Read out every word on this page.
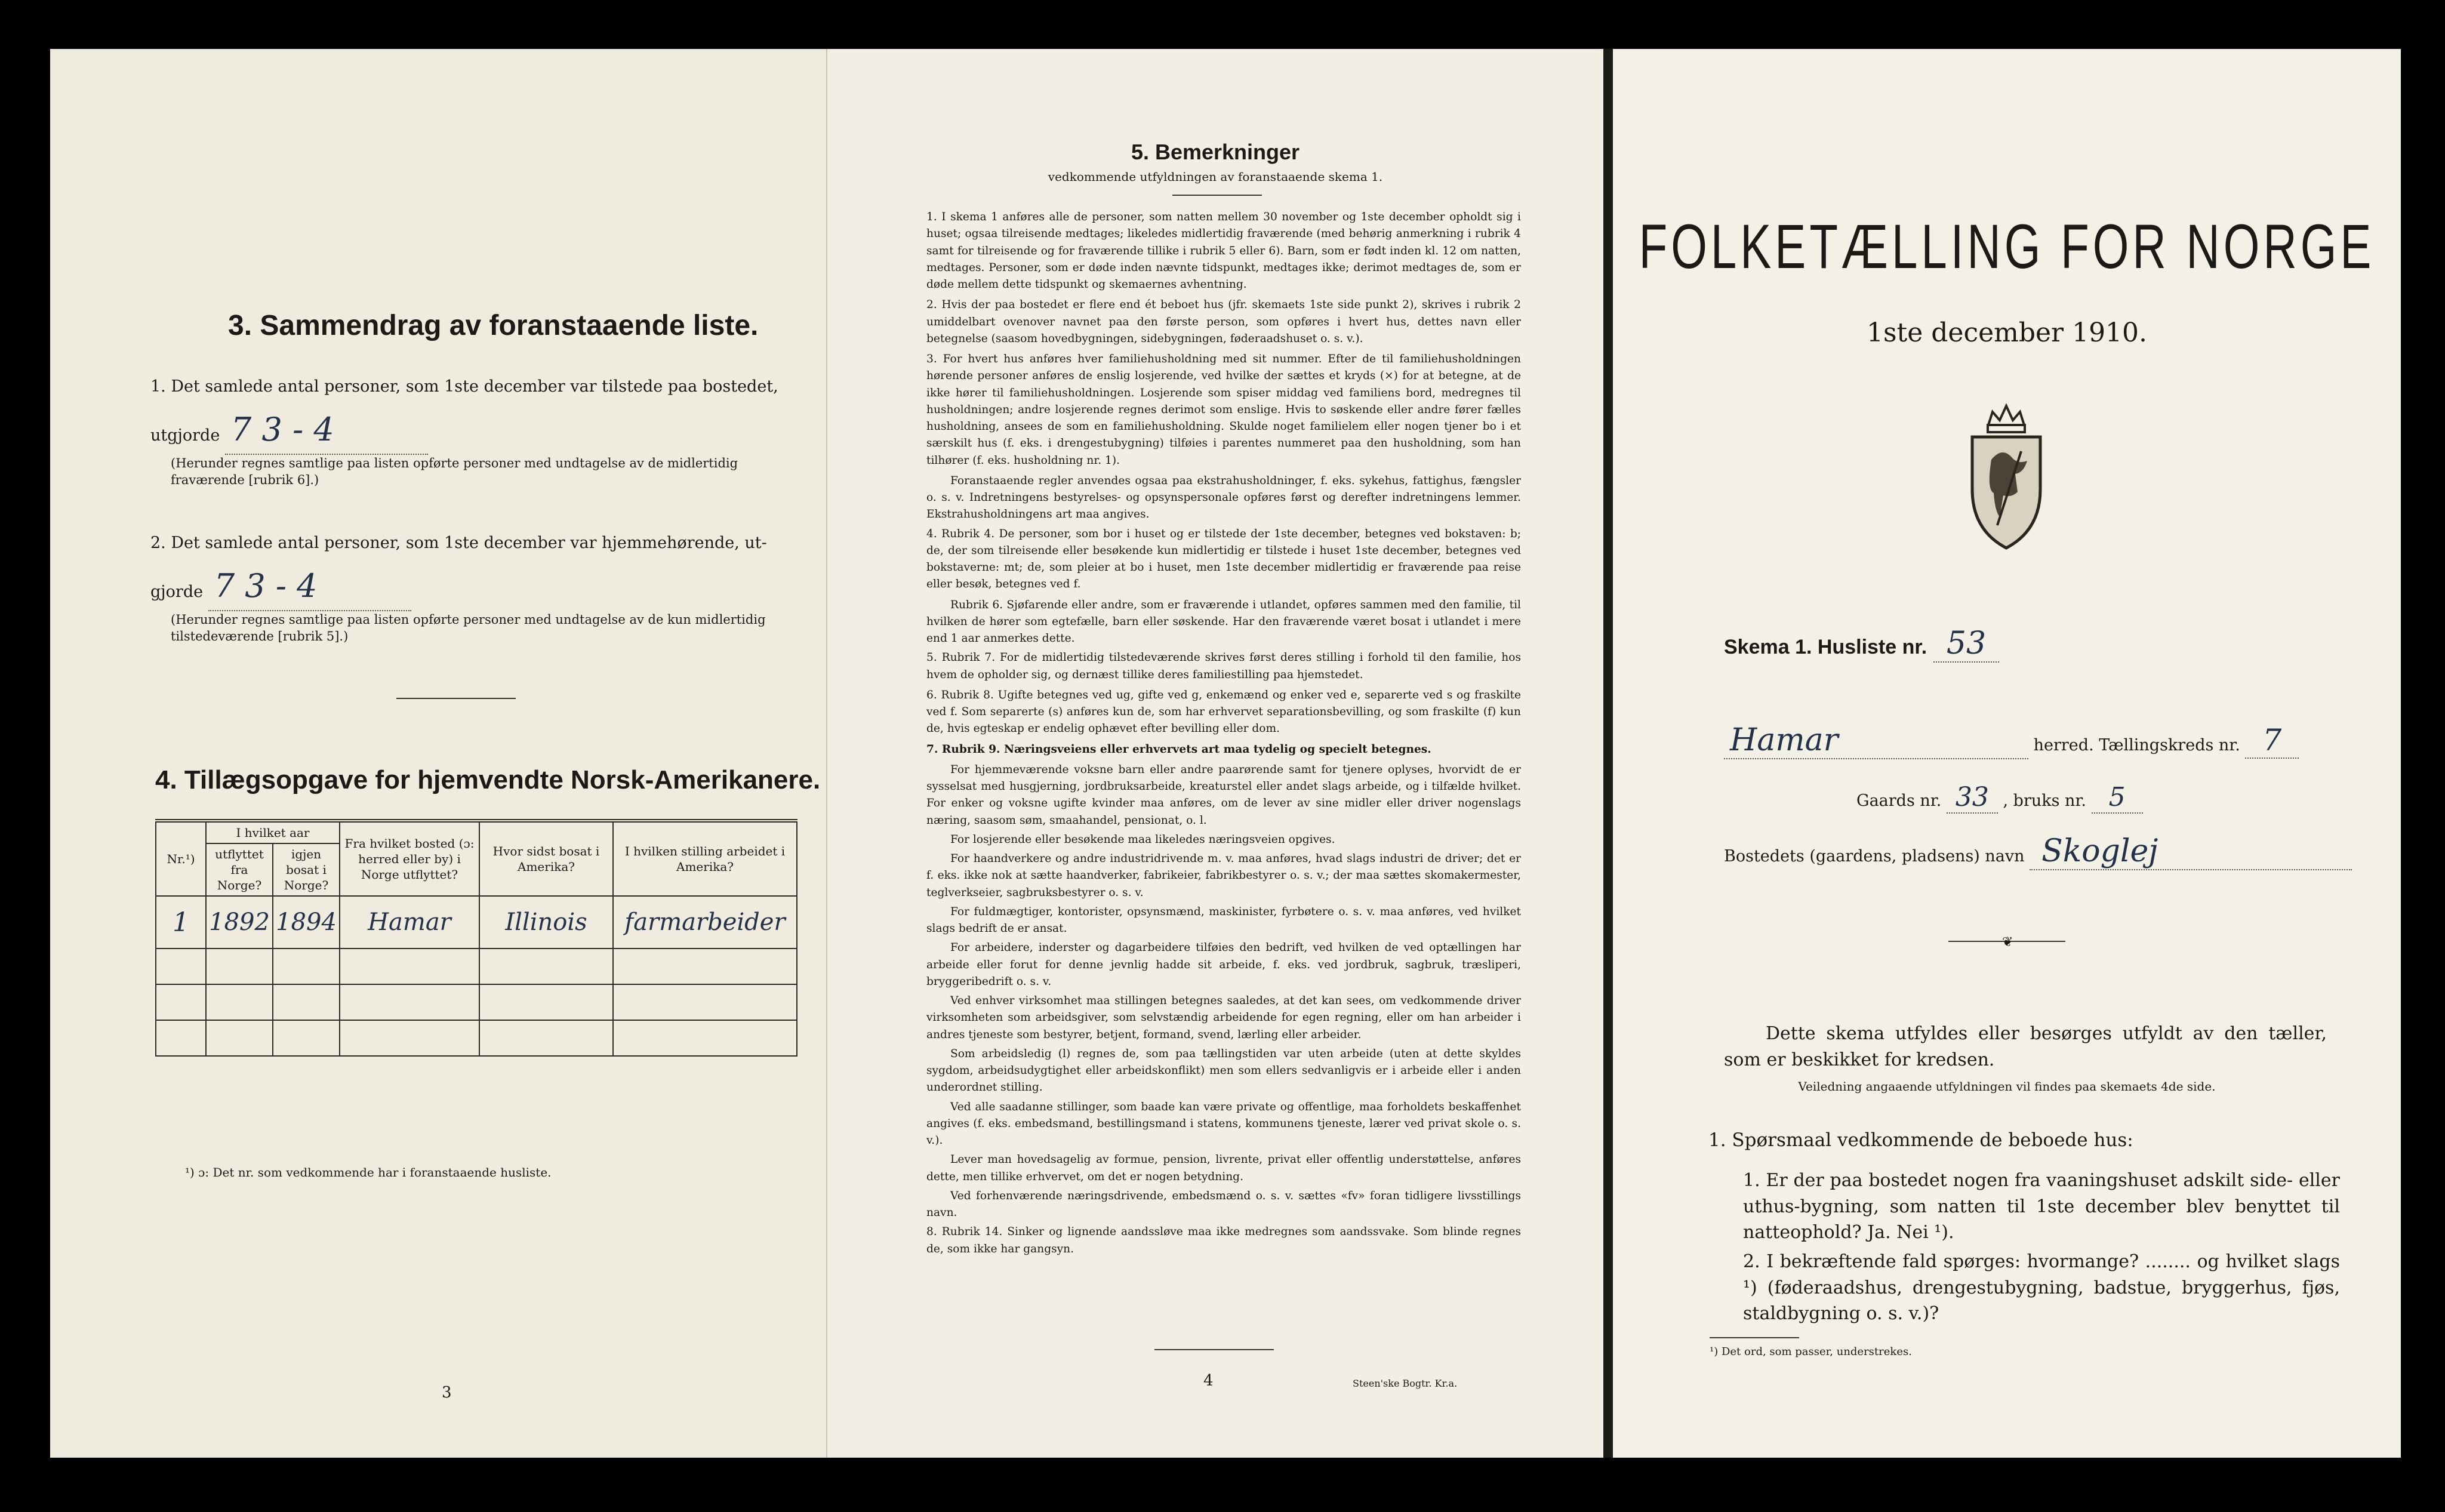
3. Sammendrag av foranstaaende liste.
1. Det samlede antal personer, som 1ste december var tilstede paa bostedet,
utgjorde 7 3 - 4
(Herunder regnes samtlige paa listen opførte personer med undtagelse av de midlertidig fraværende [rubrik 6].)
2. Det samlede antal personer, som 1ste december var hjemmehørende, ut-
gjorde 7 3 - 4
(Herunder regnes samtlige paa listen opførte personer med undtagelse av de kun midlertidig tilstedeværende [rubrik 5].)
4. Tillægsopgave for hjemvendte Norsk-Amerikanere.
Nr.¹)	I hvilket aar		Fra hvilket bosted (ɔ: herred eller by) i Norge utflyttet?	Hvor sidst bosat i Amerika?	I hvilken stilling arbeidet i Amerika?
	utflyttet fra Norge?	igjen bosat i Norge?			
1	1892	1894	Hamar	Illinois	farmarbeider

¹) ɔ: Det nr. som vedkommende har i foranstaaende husliste.
3
5. Bemerkninger
vedkommende utfyldningen av foranstaaende skema 1.

1. I skema 1 anføres alle de personer, som natten mellem 30 november og 1ste december opholdt sig i huset; ogsaa tilreisende medtages; likeledes midlertidig fraværende (med behørig anmerkning i rubrik 4 samt for tilreisende og for fraværende tillike i rubrik 5 eller 6). Barn, som er født inden kl. 12 om natten, medtages. Personer, som er døde inden nævnte tidspunkt, medtages ikke; derimot medtages de, som er døde mellem dette tidspunkt og skemaernes avhentning.

2. Hvis der paa bostedet er flere end ét beboet hus (jfr. skemaets 1ste side punkt 2), skrives i rubrik 2 umiddelbart ovenover navnet paa den første person, som opføres i hvert hus, dettes navn eller betegnelse (saasom hovedbygningen, sidebygningen, føderaadshuset o. s. v.).

3. For hvert hus anføres hver familiehusholdning med sit nummer. Efter de til familiehusholdningen hørende personer anføres de enslig losjerende, ved hvilke der sættes et kryds (×) for at betegne, at de ikke hører til familiehusholdningen. Losjerende som spiser middag ved familiens bord, medregnes til husholdningen; andre losjerende regnes derimot som enslige. Hvis to søskende eller andre fører fælles husholdning, ansees de som en familiehusholdning. Skulde noget familielem eller nogen tjener bo i et særskilt hus (f. eks. i drengestubygning) tilføies i parentes nummeret paa den husholdning, som han tilhører (f. eks. husholdning nr. 1).

Foranstaaende regler anvendes ogsaa paa ekstrahusholdninger, f. eks. sykehus, fattighus, fængsler o. s. v. Indretningens bestyrelses- og opsynspersonale opføres først og derefter indretningens lemmer. Ekstrahusholdningens art maa angives.

4. Rubrik 4. De personer, som bor i huset og er tilstede der 1ste december, betegnes ved bokstaven: b; de, der som tilreisende eller besøkende kun midlertidig er tilstede i huset 1ste december, betegnes ved bokstaverne: mt; de, som pleier at bo i huset, men 1ste december midlertidig er fraværende paa reise eller besøk, betegnes ved f.

Rubrik 6. Sjøfarende eller andre, som er fraværende i utlandet, opføres sammen med den familie, til hvilken de hører som egtefælle, barn eller søskende. Har den fraværende været bosat i utlandet i mere end 1 aar anmerkes dette.

5. Rubrik 7. For de midlertidig tilstedeværende skrives først deres stilling i forhold til den familie, hos hvem de opholder sig, og dernæst tillike deres familiestilling paa hjemstedet.

6. Rubrik 8. Ugifte betegnes ved ug, gifte ved g, enkemænd og enker ved e, separerte ved s og fraskilte ved f. Som separerte (s) anføres kun de, som har erhvervet separationsbevilling, og som fraskilte (f) kun de, hvis egteskap er endelig ophævet efter bevilling eller dom.

7. Rubrik 9. Næringsveiens eller erhvervets art maa tydelig og specielt betegnes.

For hjemmeværende voksne barn eller andre paarørende samt for tjenere oplyses, hvorvidt de er sysselsat med husgjerning, jordbruksarbeide, kreaturstel eller andet slags arbeide, og i tilfælde hvilket. For enker og voksne ugifte kvinder maa anføres, om de lever av sine midler eller driver nogenslags næring, saasom søm, smaahandel, pensionat, o. l.

For losjerende eller besøkende maa likeledes næringsveien opgives.

For haandverkere og andre industridrivende m. v. maa anføres, hvad slags industri de driver; det er f. eks. ikke nok at sætte haandverker, fabrikeier, fabrikbestyrer o. s. v.; der maa sættes skomakermester, teglverkseier, sagbruksbestyrer o. s. v.

For fuldmægtiger, kontorister, opsynsmænd, maskinister, fyrbøtere o. s. v. maa anføres, ved hvilket slags bedrift de er ansat.

For arbeidere, inderster og dagarbeidere tilføies den bedrift, ved hvilken de ved optællingen har arbeide eller forut for denne jevnlig hadde sit arbeide, f. eks. ved jordbruk, sagbruk, træsliperi, bryggeribedrift o. s. v.

Ved enhver virksomhet maa stillingen betegnes saaledes, at det kan sees, om vedkommende driver virksomheten som arbeidsgiver, som selvstændig arbeidende for egen regning, eller om han arbeider i andres tjeneste som bestyrer, betjent, formand, svend, lærling eller arbeider.

Som arbeidsledig (l) regnes de, som paa tællingstiden var uten arbeide (uten at dette skyldes sygdom, arbeidsudygtighet eller arbeidskonflikt) men som ellers sedvanligvis er i arbeide eller i anden underordnet stilling.

Ved alle saadanne stillinger, som baade kan være private og offentlige, maa forholdets beskaffenhet angives (f. eks. embedsmand, bestillingsmand i statens, kommunens tjeneste, lærer ved privat skole o. s. v.).

Lever man hovedsagelig av formue, pension, livrente, privat eller offentlig understøttelse, anføres dette, men tillike erhvervet, om det er nogen betydning.

Ved forhenværende næringsdrivende, embedsmænd o. s. v. sættes «fv» foran tidligere livsstillings navn.

8. Rubrik 14. Sinker og lignende aandssløve maa ikke medregnes som aandssvake. Som blinde regnes de, som ikke har gangsyn.

4	Steen'ske Bogtr. Kr.a.
FOLKETÆLLING FOR NORGE
1ste december 1910.
Skema 1. Husliste nr. 53
Hamar	herred. Tællingskreds nr. 7
Gaards nr. 33 , bruks nr. 5
Bostedets (gaardens, pladsens) navn Skoglej
❦
Dette skema utfyldes eller besørges utfyldt av den tæller, som er beskikket for kredsen.
Veiledning angaaende utfyldningen vil findes paa skemaets 4de side.
1. Spørsmaal vedkommende de beboede hus:
1. Er der paa bostedet nogen fra vaaningshuset adskilt side- eller uthus-bygning, som natten til 1ste december blev benyttet til natteophold? Ja. Nei ¹).
2. I bekræftende fald spørges: hvormange? ........ og hvilket slags ¹) (føderaadshus, drengestubygning, badstue, bryggerhus, fjøs, staldbygning o. s. v.)?
¹) Det ord, som passer, understrekes.
